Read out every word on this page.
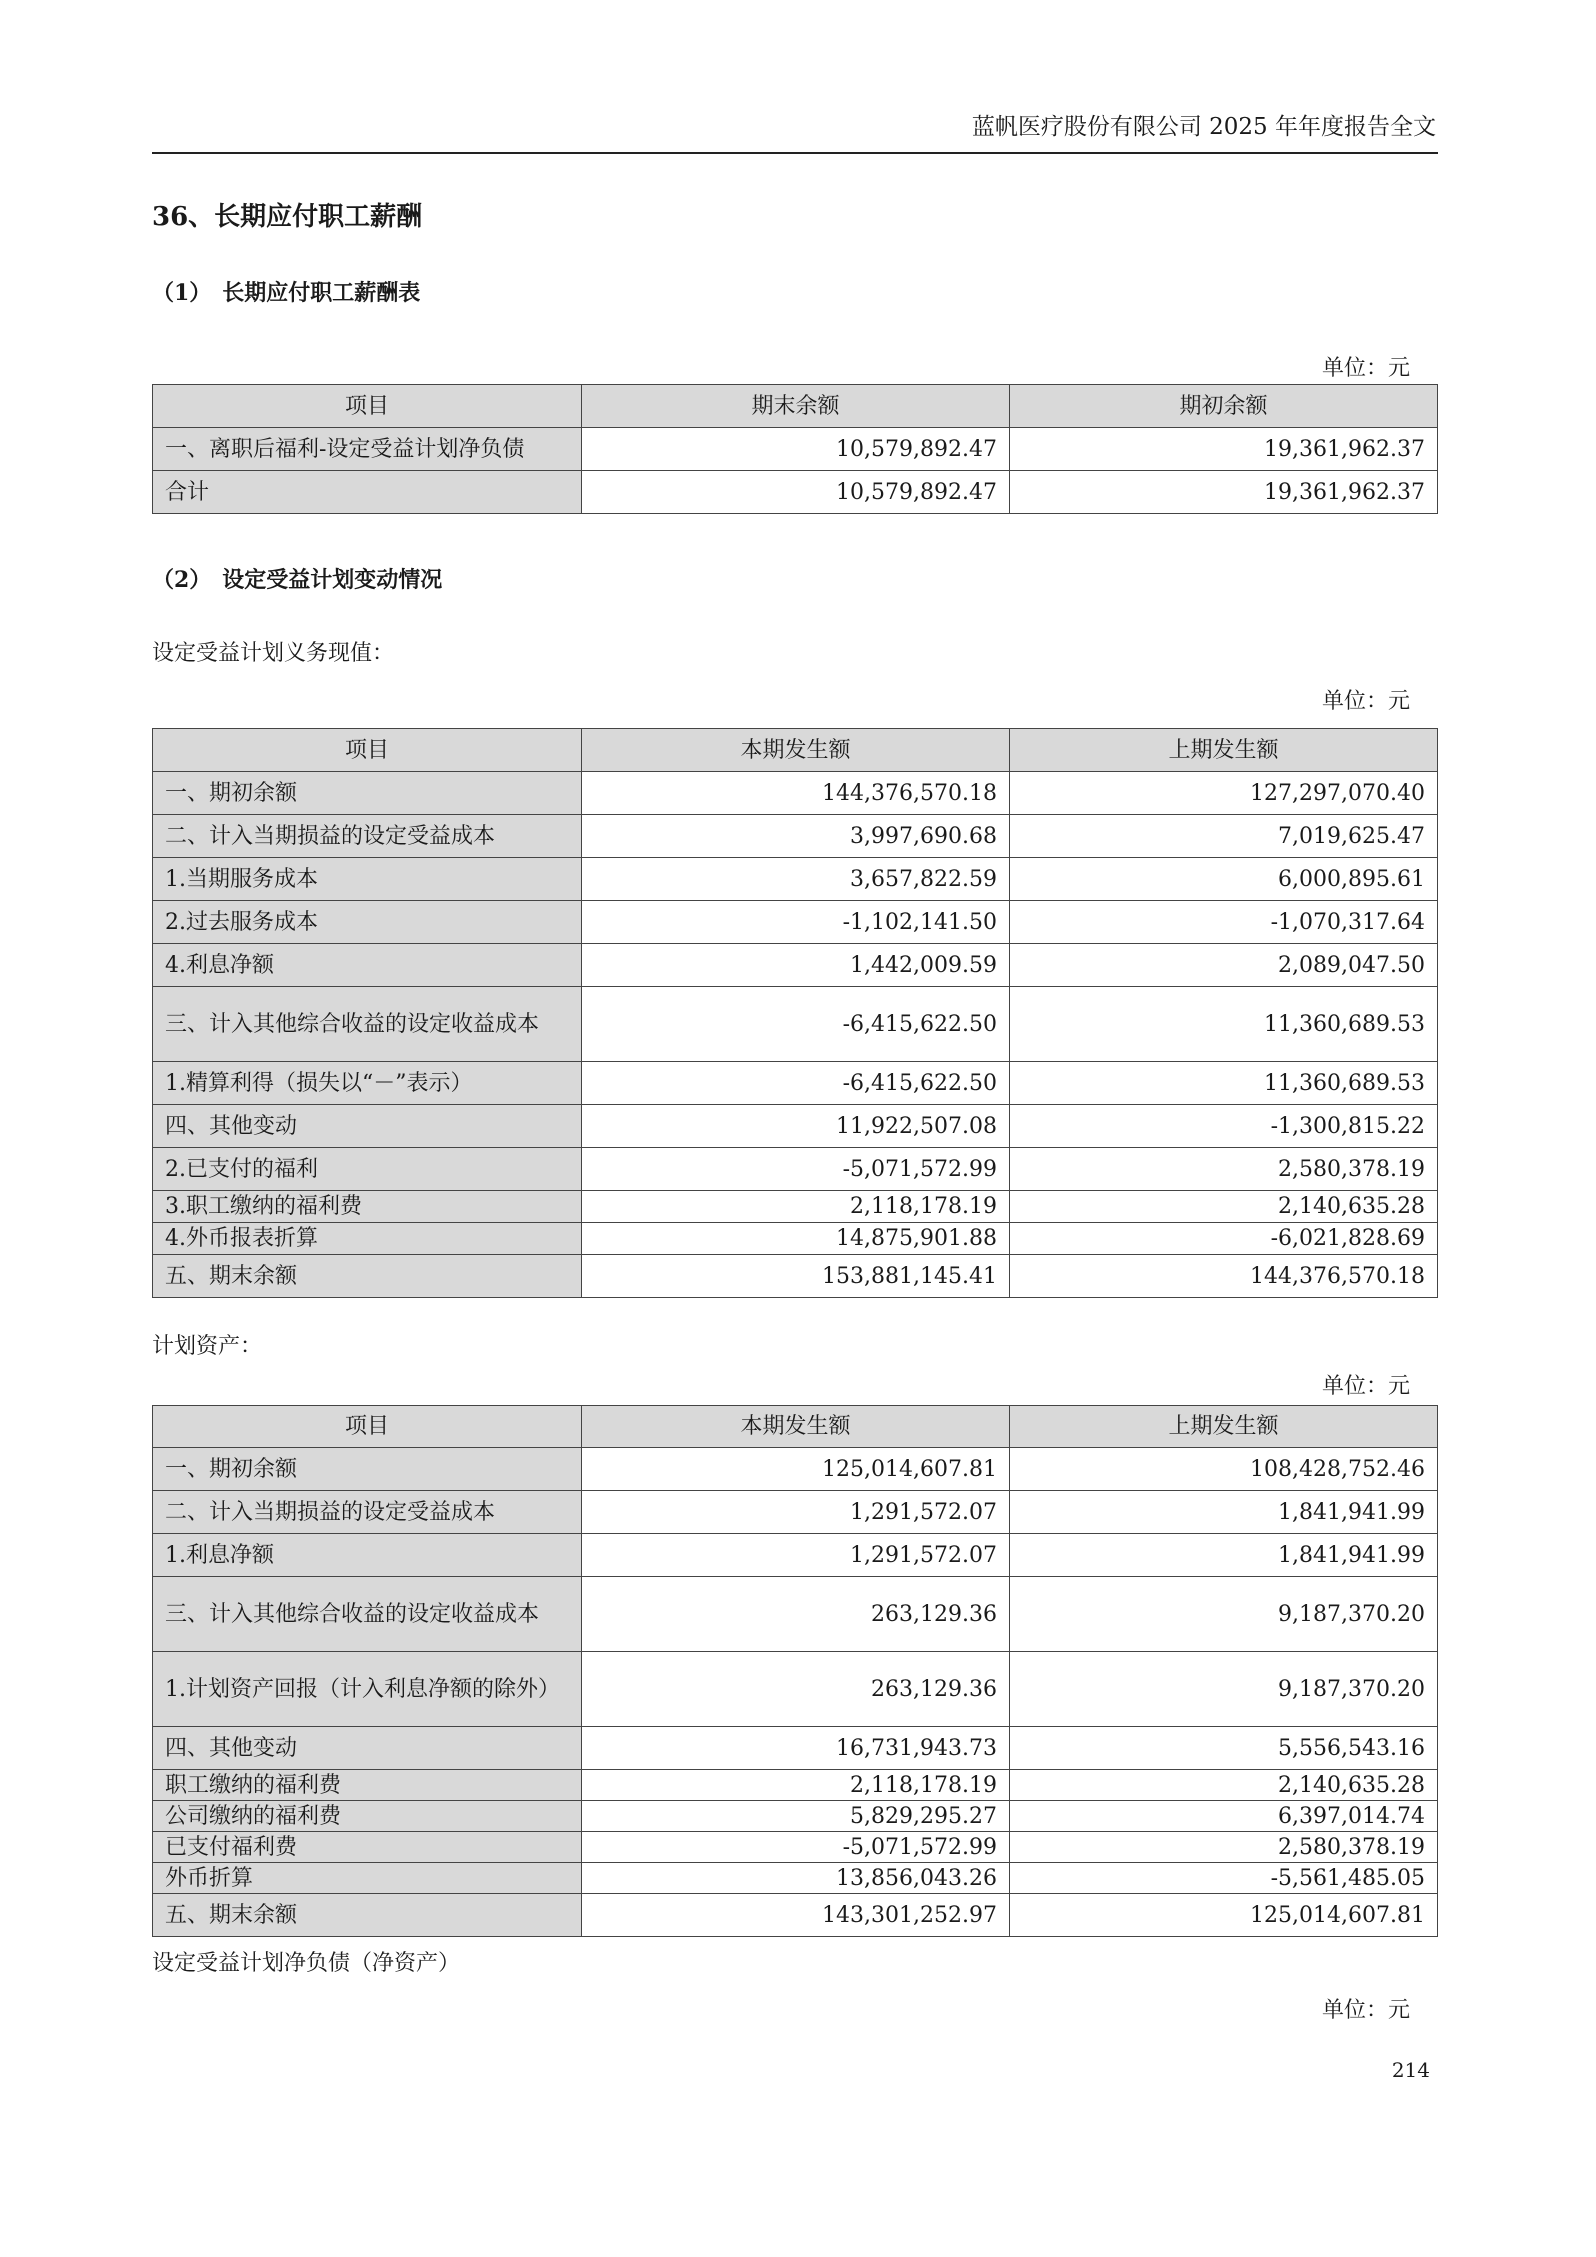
蓝帆医疗股份有限公司 2025 年年度报告全文
36、长期应付职工薪酬
（1）　长期应付职工薪酬表
单位：元
项目	期末余额	期初余额
一、离职后福利-设定受益计划净负债	10,579,892.47	19,361,962.37
合计	10,579,892.47	19,361,962.37
（2）　设定受益计划变动情况
设定受益计划义务现值：
单位：元
项目	本期发生额	上期发生额
一、期初余额	144,376,570.18	127,297,070.40
二、计入当期损益的设定受益成本	3,997,690.68	7,019,625.47
1.当期服务成本	3,657,822.59	6,000,895.61
2.过去服务成本	-1,102,141.50	-1,070,317.64
4.利息净额	1,442,009.59	2,089,047.50
三、计入其他综合收益的设定收益成本	-6,415,622.50	11,360,689.53
1.精算利得（损失以“－”表示）	-6,415,622.50	11,360,689.53
四、其他变动	11,922,507.08	-1,300,815.22
2.已支付的福利	-5,071,572.99	2,580,378.19
3.职工缴纳的福利费	2,118,178.19	2,140,635.28
4.外币报表折算	14,875,901.88	-6,021,828.69
五、期末余额	153,881,145.41	144,376,570.18
计划资产：
单位：元
项目	本期发生额	上期发生额
一、期初余额	125,014,607.81	108,428,752.46
二、计入当期损益的设定受益成本	1,291,572.07	1,841,941.99
1.利息净额	1,291,572.07	1,841,941.99
三、计入其他综合收益的设定收益成本	263,129.36	9,187,370.20
1.计划资产回报（计入利息净额的除外）	263,129.36	9,187,370.20
四、其他变动	16,731,943.73	5,556,543.16
职工缴纳的福利费	2,118,178.19	2,140,635.28
公司缴纳的福利费	5,829,295.27	6,397,014.74
已支付福利费	-5,071,572.99	2,580,378.19
外币折算	13,856,043.26	-5,561,485.05
五、期末余额	143,301,252.97	125,014,607.81
设定受益计划净负债（净资产）
单位：元
214
